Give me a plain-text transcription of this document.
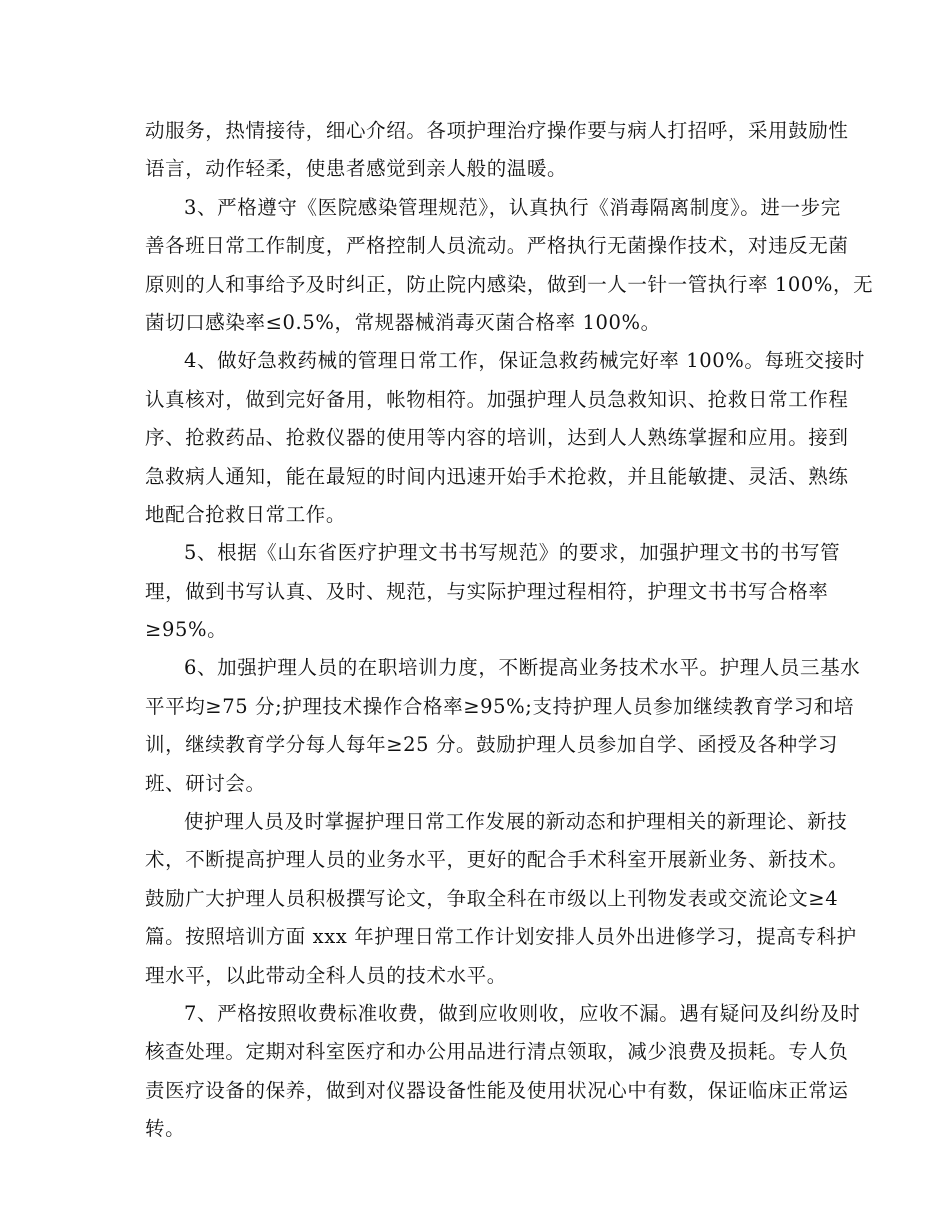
动服务，热情接待，细心介绍。各项护理治疗操作要与病人打招呼，采用鼓励性
语言，动作轻柔，使患者感觉到亲人般的温暖。
3、严格遵守《医院感染管理规范》，认真执行《消毒隔离制度》。进一步完
善各班日常工作制度，严格控制人员流动。严格执行无菌操作技术，对违反无菌
原则的人和事给予及时纠正，防止院内感染，做到一人一针一管执行率 100%，无
菌切口感染率≤0.5%，常规器械消毒灭菌合格率 100%。
4、做好急救药械的管理日常工作，保证急救药械完好率 100%。每班交接时
认真核对，做到完好备用，帐物相符。加强护理人员急救知识、抢救日常工作程
序、抢救药品、抢救仪器的使用等内容的培训，达到人人熟练掌握和应用。接到
急救病人通知，能在最短的时间内迅速开始手术抢救，并且能敏捷、灵活、熟练
地配合抢救日常工作。
5、根据《山东省医疗护理文书书写规范》的要求，加强护理文书的书写管
理，做到书写认真、及时、规范，与实际护理过程相符，护理文书书写合格率
≥95%。
6、加强护理人员的在职培训力度，不断提高业务技术水平。护理人员三基水
平平均≥75 分;护理技术操作合格率≥95%;支持护理人员参加继续教育学习和培
训，继续教育学分每人每年≥25 分。鼓励护理人员参加自学、函授及各种学习
班、研讨会。
使护理人员及时掌握护理日常工作发展的新动态和护理相关的新理论、新技
术，不断提高护理人员的业务水平，更好的配合手术科室开展新业务、新技术。
鼓励广大护理人员积极撰写论文，争取全科在市级以上刊物发表或交流论文≥4
篇。按照培训方面 xxx 年护理日常工作计划安排人员外出进修学习，提高专科护
理水平，以此带动全科人员的技术水平。
7、严格按照收费标准收费，做到应收则收，应收不漏。遇有疑问及纠纷及时
核查处理。定期对科室医疗和办公用品进行清点领取，减少浪费及损耗。专人负
责医疗设备的保养，做到对仪器设备性能及使用状况心中有数，保证临床正常运
转。
